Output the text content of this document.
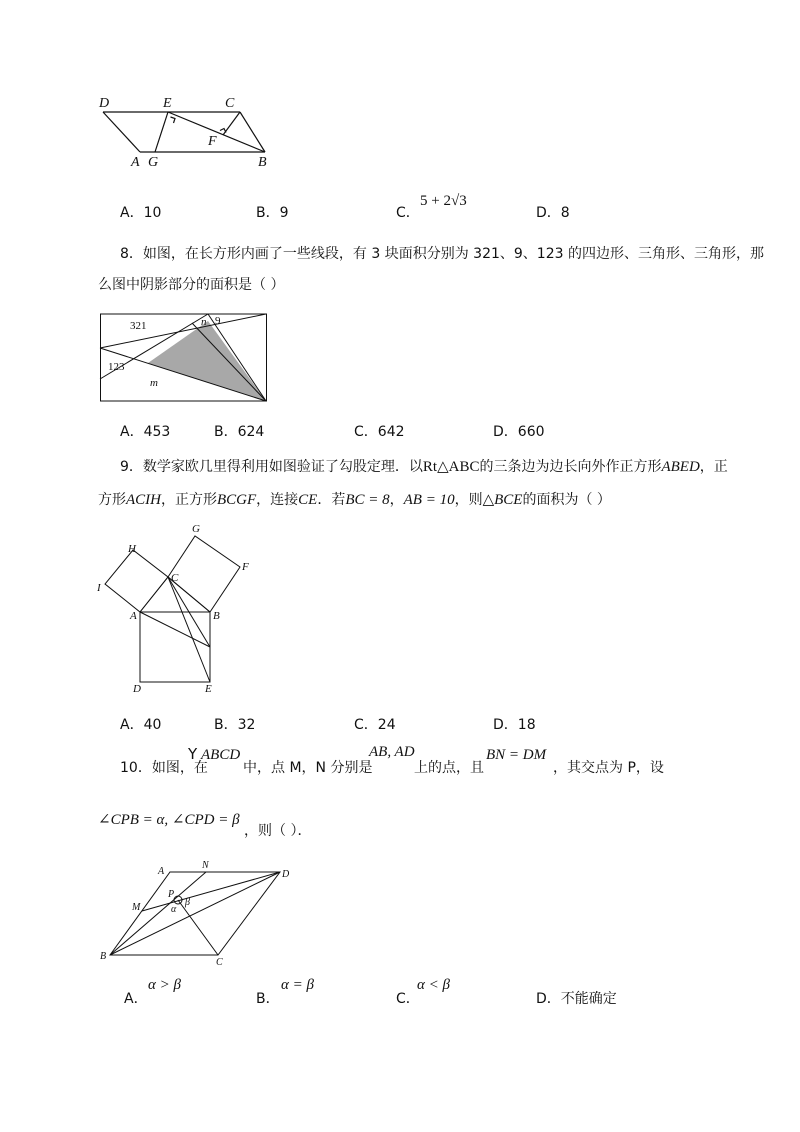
D	E	C
F
A G	B
A．10	B．9	C．
5 + 2√3
D．8
8．如图，在长方形内画了一些线段，有 3 块面积分别为 321、9、123 的四边形、三角形、三角形，那
么图中阴影部分的面积是（ ）
321	9
123
n
m
A．453	B．624	C．642	D．660
9．数学家欧几里得利用如图验证了勾股定理．以Rt△ABC的三条边为边长向外作正方形ABED，正
方形ACIH，正方形BCGF，连接CE．若BC = 8，AB = 10，则△BCE的面积为（ ）
G
H
F
C
I
A	B
D	E
A．40	B．32	C．24	D．18
10．如图，在
Y ABCD
中，点 M，N 分别是
AB, AD
上的点，且
BN = DM
，其交点为 P，设
∠CPB = α, ∠CPD = β
，则（ ）．
A
N
D
P
M	α
β
B
C
α > β
A．
α = β
B．
α < β
C．	D．不能确定
